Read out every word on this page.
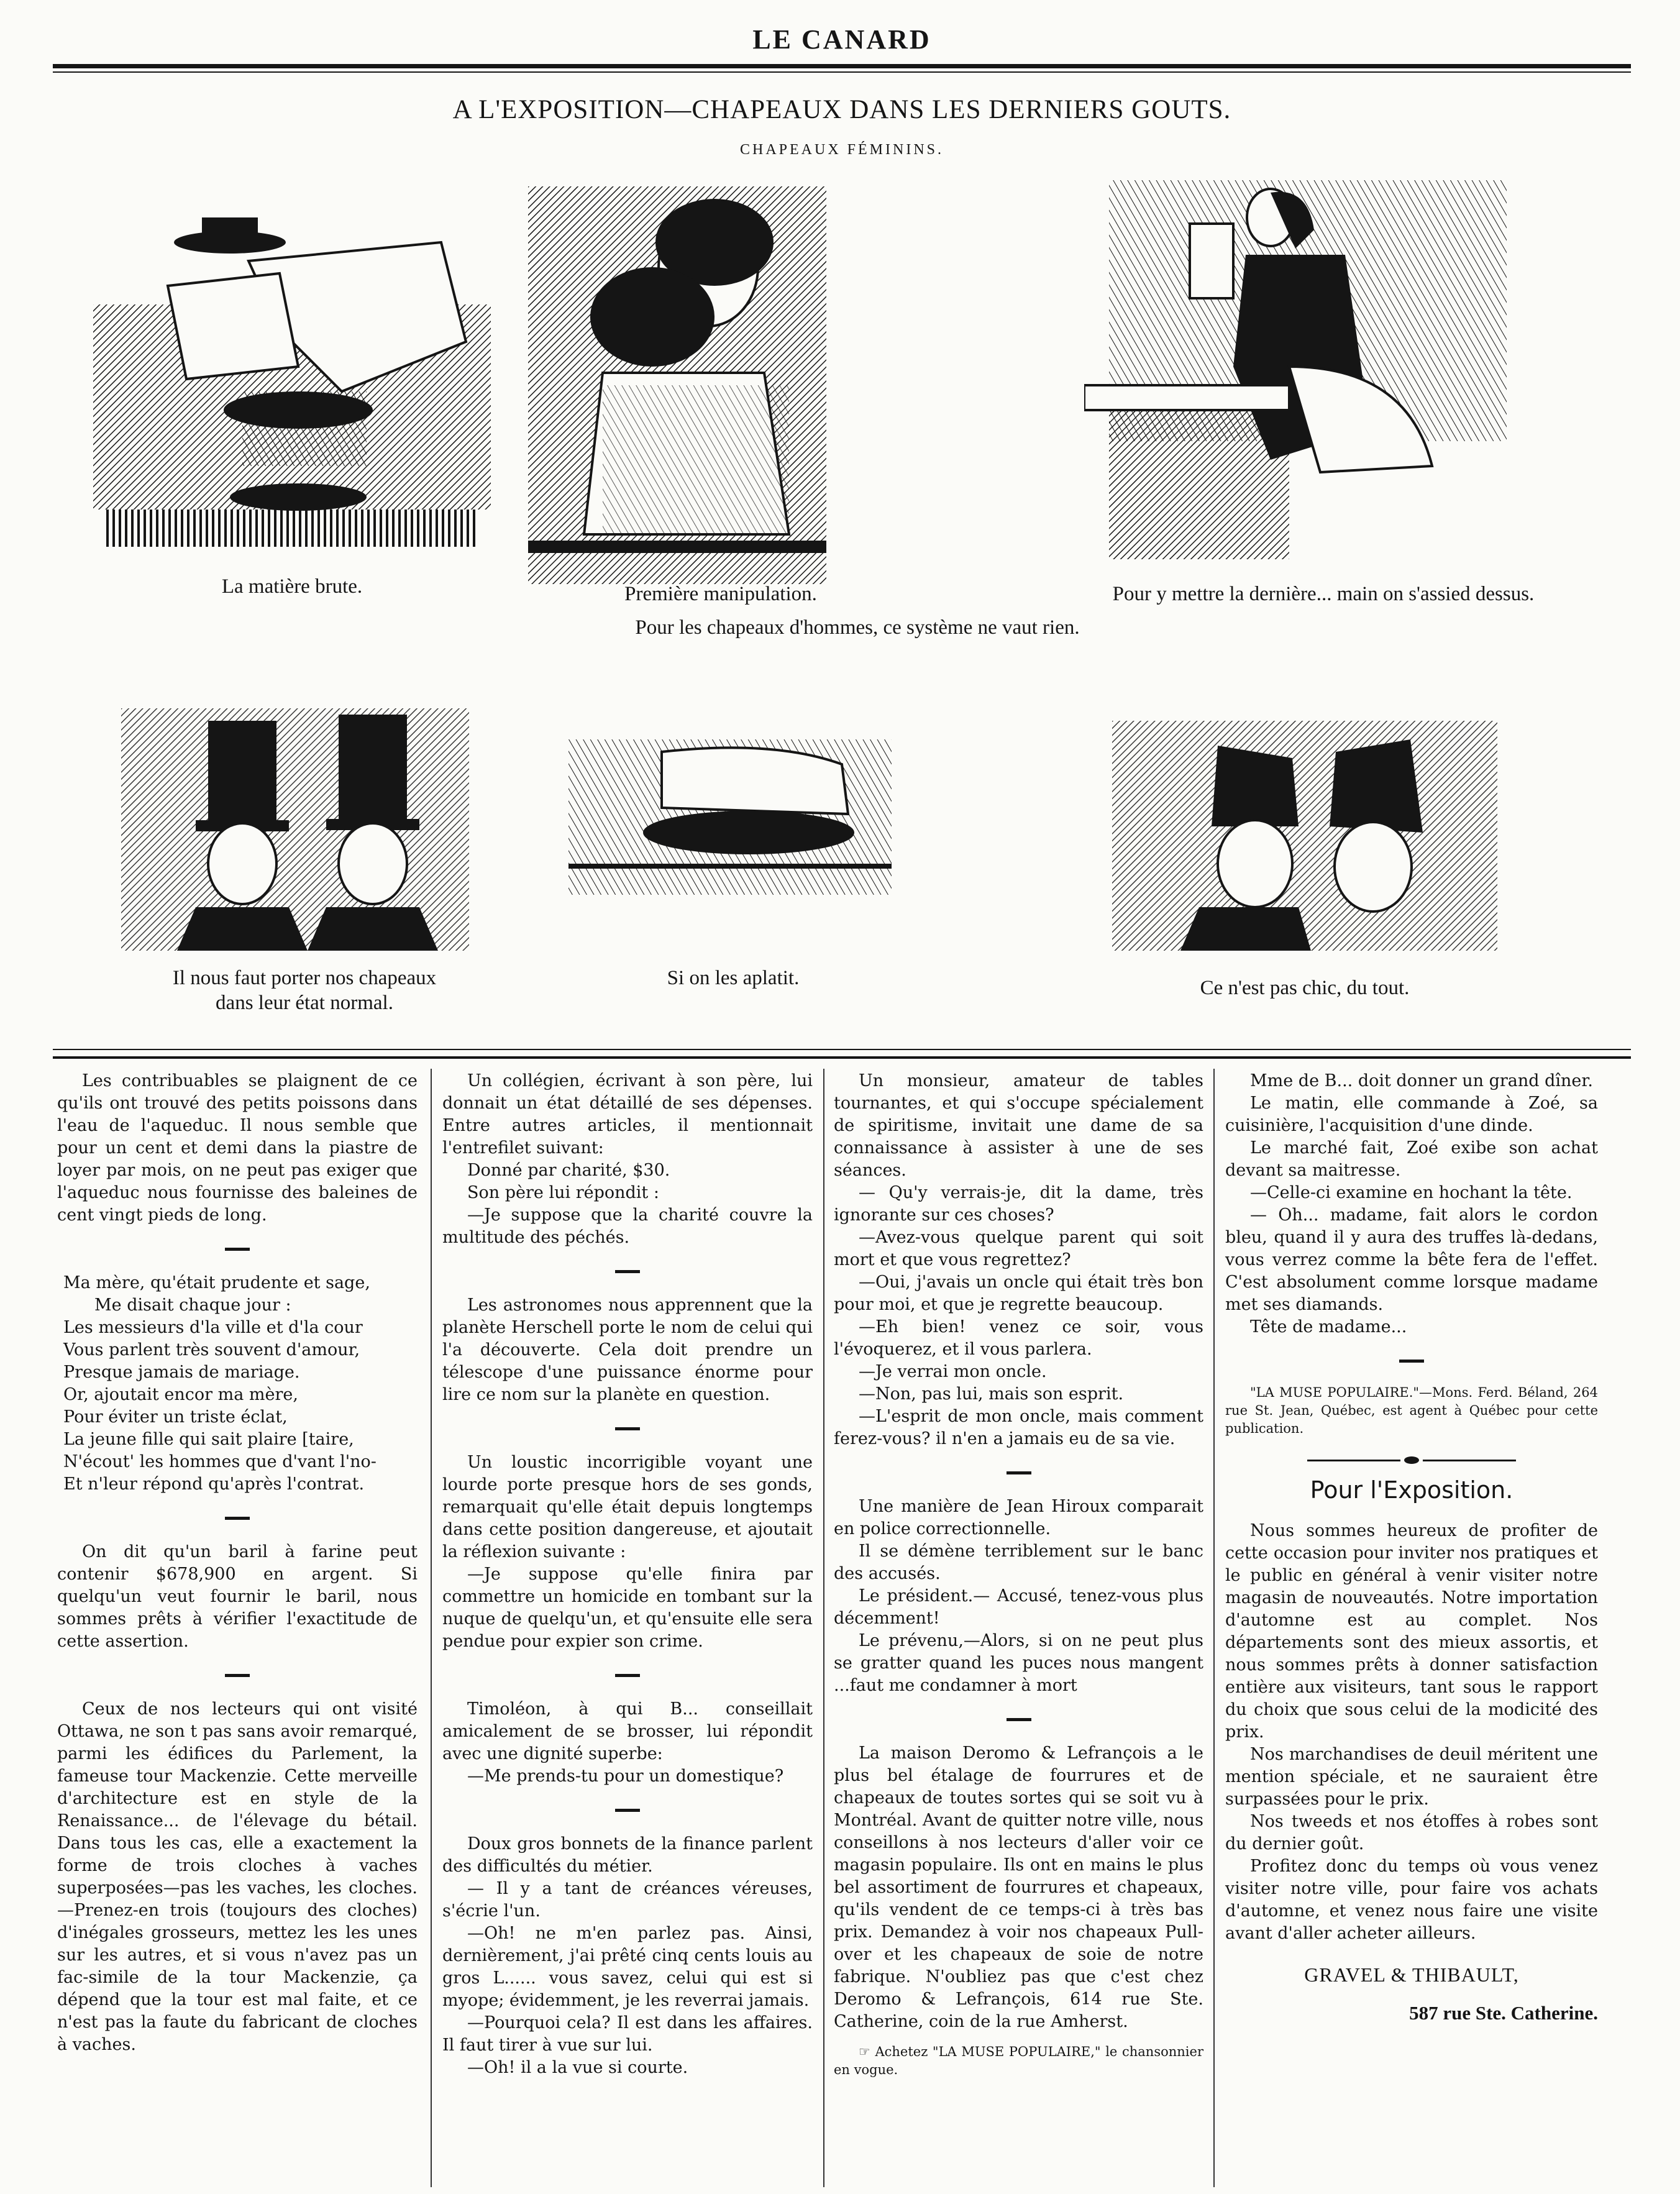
LE CANARD
A L'EXPOSITION—CHAPEAUX DANS LES DERNIERS GOUTS.
CHAPEAUX FÉMININS.
La matière brute.	Première manipulation.	Pour y mettre la dernière... main on s'assied dessus.
Pour les chapeaux d'hommes, ce système ne vaut rien.
Il nous faut porter nos chapeaux
dans leur état normal.
Si on les aplatit.	Ce n'est pas chic, du tout.

Les contribuables se plaignent de ce qu'ils ont trouvé des petits poissons dans l'eau de l'aqueduc. Il nous semble que pour un cent et demi dans la piastre de loyer par mois, on ne peut pas exiger que l'aqueduc nous fournisse des baleines de cent vingt pieds de long.

Ma mère, qu'était prudente et sage,
Me disait chaque jour :
Les messieurs d'la ville et d'la cour
Vous parlent très souvent d'amour,
Presque jamais de mariage.
Or, ajoutait encor ma mère,
Pour éviter un triste éclat,
La jeune fille qui sait plaire [taire,
N'écout' les hommes que d'vant l'no-
Et n'leur répond qu'après l'contrat.

On dit qu'un baril à farine peut contenir $678,900 en argent. Si quelqu'un veut fournir le baril, nous sommes prêts à vérifier l'exactitude de cette assertion.

Ceux de nos lecteurs qui ont visité Ottawa, ne son t pas sans avoir remarqué, parmi les édifices du Parlement, la fameuse tour Mackenzie. Cette merveille d'architecture est en style de la Renaissance... de l'élevage du bétail. Dans tous les cas, elle a exactement la forme de trois cloches à vaches superposées—pas les vaches, les cloches.—Prenez-en trois (toujours des cloches) d'inégales grosseurs, mettez les les unes sur les autres, et si vous n'avez pas un fac-simile de la tour Mackenzie, ça dépend que la tour est mal faite, et ce n'est pas la faute du fabricant de cloches à vaches.

Un collégien, écrivant à son père, lui donnait un état détaillé de ses dépenses. Entre autres articles, il mentionnait l'entrefilet suivant:

Donné par charité, $30.

Son père lui répondit :

—Je suppose que la charité couvre la multitude des péchés.

Les astronomes nous apprennent que la planète Herschell porte le nom de celui qui l'a découverte. Cela doit prendre un télescope d'une puissance énorme pour lire ce nom sur la planète en question.

Un loustic incorrigible voyant une lourde porte presque hors de ses gonds, remarquait qu'elle était depuis longtemps dans cette position dangereuse, et ajoutait la réflexion suivante :

—Je suppose qu'elle finira par commettre un homicide en tombant sur la nuque de quelqu'un, et qu'ensuite elle sera pendue pour expier son crime.

Timoléon, à qui B... conseillait amicalement de se brosser, lui répondit avec une dignité superbe:

—Me prends-tu pour un domestique?

Doux gros bonnets de la finance parlent des difficultés du métier.

— Il y a tant de créances véreuses, s'écrie l'un.

—Oh! ne m'en parlez pas. Ainsi, dernièrement, j'ai prêté cinq cents louis au gros L...... vous savez, celui qui est si myope; évidemment, je les reverrai jamais.

—Pourquoi cela? Il est dans les affaires. Il faut tirer à vue sur lui.

—Oh! il a la vue si courte.

Un monsieur, amateur de tables tournantes, et qui s'occupe spécialement de spiritisme, invitait une dame de sa connaissance à assister à une de ses séances.

— Qu'y verrais-je, dit la dame, très ignorante sur ces choses?

—Avez-vous quelque parent qui soit mort et que vous regrettez?

—Oui, j'avais un oncle qui était très bon pour moi, et que je regrette beaucoup.

—Eh bien! venez ce soir, vous l'évoquerez, et il vous parlera.

—Je verrai mon oncle.

—Non, pas lui, mais son esprit.

—L'esprit de mon oncle, mais comment ferez-vous? il n'en a jamais eu de sa vie.

Une manière de Jean Hiroux comparait en police correctionnelle.

Il se démène terriblement sur le banc des accusés.

Le président.— Accusé, tenez-vous plus décemment!

Le prévenu,—Alors, si on ne peut plus se gratter quand les puces nous mangent ...faut me condamner à mort

La maison Deromo & Lefrançois a le plus bel étalage de fourrures et de chapeaux de toutes sortes qui se soit vu à Montréal. Avant de quitter notre ville, nous conseillons à nos lecteurs d'aller voir ce magasin populaire. Ils ont en mains le plus bel assortiment de fourrures et chapeaux, qu'ils vendent de ce temps-ci à très bas prix. Demandez à voir nos chapeaux Pull-over et les chapeaux de soie de notre fabrique. N'oubliez pas que c'est chez Deromo & Lefrançois, 614 rue Ste. Catherine, coin de la rue Amherst.

☞ Achetez "LA MUSE POPULAIRE," le chansonnier en vogue.

Mme de B... doit donner un grand dîner.

Le matin, elle commande à Zoé, sa cuisinière, l'acquisition d'une dinde.

Le marché fait, Zoé exibe son achat devant sa maitresse.

—Celle-ci examine en hochant la tête.

— Oh... madame, fait alors le cordon bleu, quand il y aura des truffes là-dedans, vous verrez comme la bête fera de l'effet. C'est absolument comme lorsque madame met ses diamands.

Tête de madame...

"LA MUSE POPULAIRE."—Mons. Ferd. Béland, 264 rue St. Jean, Québec, est agent à Québec pour cette publication.

Pour l'Exposition.

Nous sommes heureux de profiter de cette occasion pour inviter nos pratiques et le public en général à venir visiter notre magasin de nouveautés. Notre importation d'automne est au complet. Nos départements sont des mieux assortis, et nous sommes prêts à donner satisfaction entière aux visiteurs, tant sous le rapport du choix que sous celui de la modicité des prix.

Nos marchandises de deuil méritent une mention spéciale, et ne sauraient être surpassées pour le prix.

Nos tweeds et nos étoffes à robes sont du dernier goût.

Profitez donc du temps où vous venez visiter notre ville, pour faire vos achats d'automne, et venez nous faire une visite avant d'aller acheter ailleurs.

GRAVEL & THIBAULT,
587 rue Ste. Catherine.
